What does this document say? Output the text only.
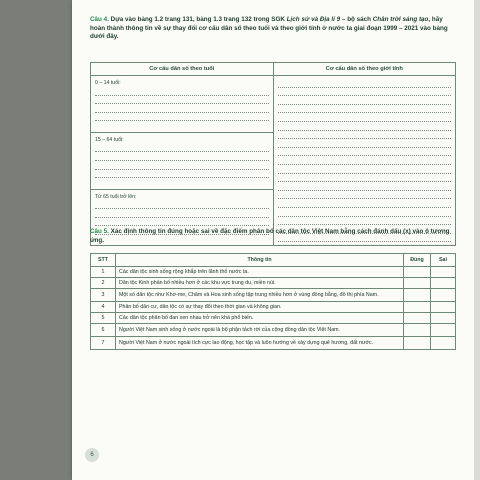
Câu 4. Dựa vào bảng 1.2 trang 131, bảng 1.3 trang 132 trong SGK Lịch sử và Địa lí 9 – bộ sách Chân trời sáng tạo, hãy hoàn thành thông tin về sự thay đổi cơ cấu dân số theo tuổi và theo giới tính ở nước ta giai đoạn 1999 – 2021 vào bảng dưới đây.
Cơ cấu dân số theo tuổi	Cơ cấu dân số theo giới tính

0 – 14 tuổi:	

15 – 64 tuổi:	

Từ 65 tuổi trở lên:	
Câu 5. Xác định thông tin đúng hoặc sai về đặc điểm phân bố các dân tộc Việt Nam bằng cách đánh dấu (x) vào ô tương ứng.
STT	Thông tin	Đúng	Sai
1	Các dân tộc sinh sống rộng khắp trên lãnh thổ nước ta.		
2	Dân tộc Kinh phân bố nhiều hơn ở các khu vực trung du, miền núi.		
3	Một số dân tộc như Khơ-me, Chăm và Hoa sinh sống tập trung nhiều hơn ở vùng đồng bằng, đô thị phía Nam.		
4	Phân bố dân cư, dân tộc có sự thay đổi theo thời gian và không gian.		
5	Các dân tộc phân bố đan xen nhau trở nên khá phổ biến.		
6	Người Việt Nam sinh sống ở nước ngoài là bộ phận tách rời của cộng đồng dân tộc Việt Nam.		
7	Người Việt Nam ở nước ngoài tích cực lao động, học tập và luôn hướng về xây dựng quê hương, đất nước.		
6
